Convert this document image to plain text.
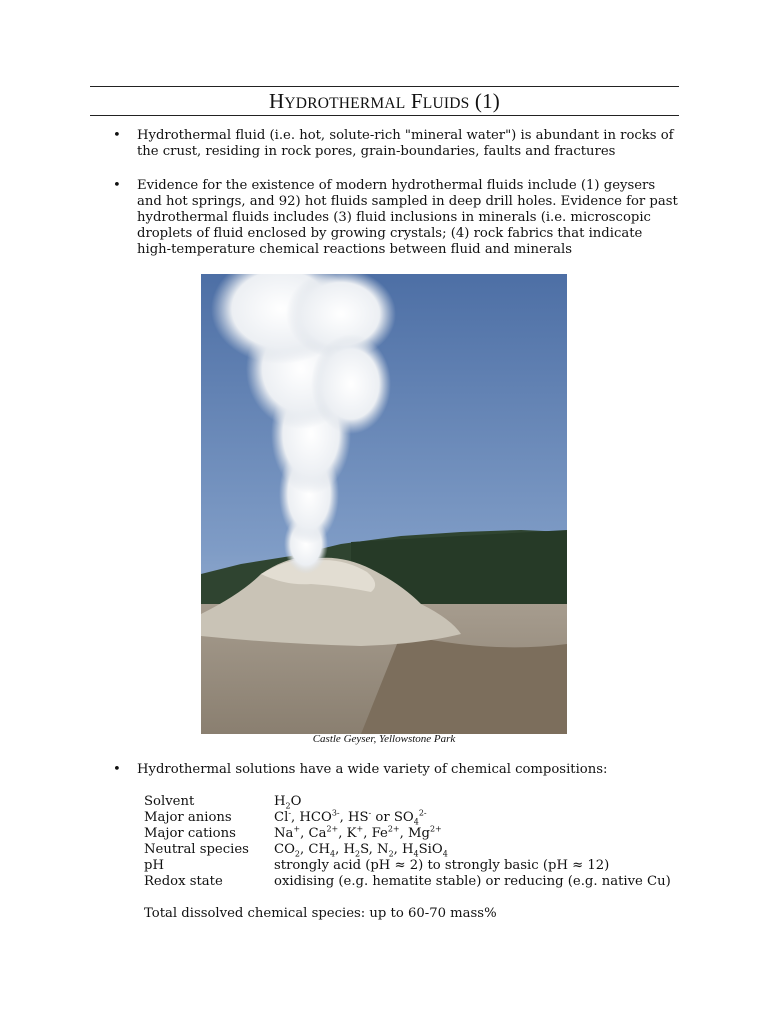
HYDROTHERMAL FLUIDS (1)
•	Hydrothermal fluid (i.e. hot, solute-rich "mineral water") is abundant in rocks of the crust, residing in rock pores, grain-boundaries, faults and fractures
•	Evidence for the existence of modern hydrothermal fluids include (1) geysers and hot springs, and 92) hot fluids sampled in deep drill holes. Evidence for past hydrothermal fluids includes (3) fluid inclusions in minerals (i.e. microscopic droplets of fluid enclosed by growing crystals; (4) rock fabrics that indicate high-temperature chemical reactions between fluid and minerals
Castle Geyser, Yellowstone Park
•	Hydrothermal solutions have a wide variety of chemical compositions:
Solvent	$H_2O$
Major anions	Cl-, $HCO^{3-}$, HS- or $SO_4^{2-}$
Major cations	Na+, $Ca^{2+}$, K+, $Fe^{2+}$, $Mg^{2+}$
Neutral species	$CO_2$, $CH_4$, $H_2S$, $N_2$, $H_4SiO_4$
pH	strongly acid (pH ≈ 2) to strongly basic (pH ≈ 12)
Redox state	oxidising (e.g. hematite stable) or reducing (e.g. native Cu)
Total dissolved chemical species: up to 60-70 mass%
